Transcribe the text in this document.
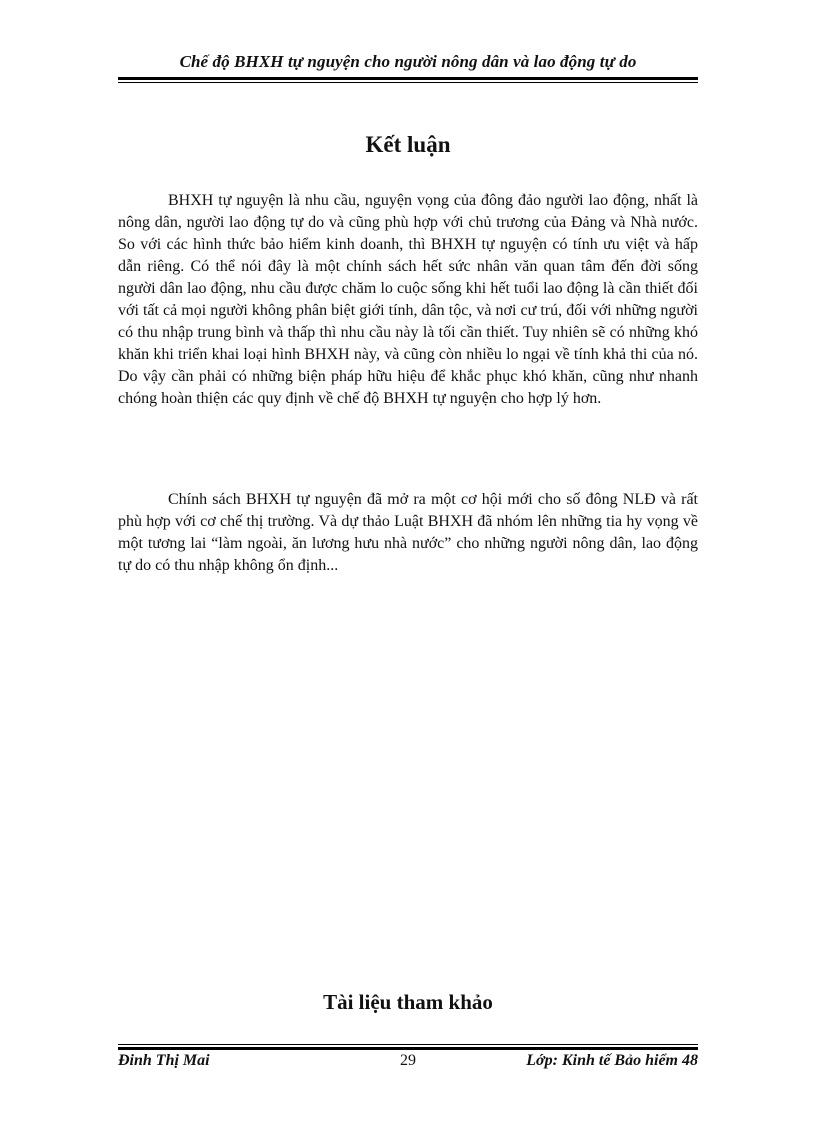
Chế độ BHXH tự nguyện cho người nông dân và lao động tự do
Kết luận

BHXH tự nguyện là nhu cầu, nguyện vọng của đông đảo người lao động, nhất là nông dân, người lao động tự do và cũng phù hợp với chủ trương của Đảng và Nhà nước. So với các hình thức bảo hiểm kinh doanh, thì BHXH tự nguyện có tính ưu việt và hấp dẫn riêng. Có thể nói đây là một chính sách hết sức nhân văn quan tâm đến đời sống người dân lao động, nhu cầu được chăm lo cuộc sống khi hết tuổi lao động là cần thiết đối với tất cả mọi người không phân biệt giới tính, dân tộc, và nơi cư trú, đối với những người có thu nhập trung bình và thấp thì nhu cầu này là tối cần thiết. Tuy nhiên sẽ có những khó khăn khi triển khai loại hình BHXH này, và cũng còn nhiều lo ngại về tính khả thi của nó. Do vậy cần phải có những biện pháp hữu hiệu để khắc phục khó khăn, cũng như nhanh chóng hoàn thiện các quy định về chế độ BHXH tự nguyện cho hợp lý hơn.

Chính sách BHXH tự nguyện đã mở ra một cơ hội mới cho số đông NLĐ và rất phù hợp với cơ chế thị trường. Và dự thảo Luật BHXH đã nhóm lên những tia hy vọng về một tương lai “làm ngoài, ăn lương hưu nhà nước” cho những người nông dân, lao động tự do có thu nhập không ổn định...

Tài liệu tham khảo
Đinh Thị Mai	29	Lớp: Kinh tế Bảo hiểm 48
